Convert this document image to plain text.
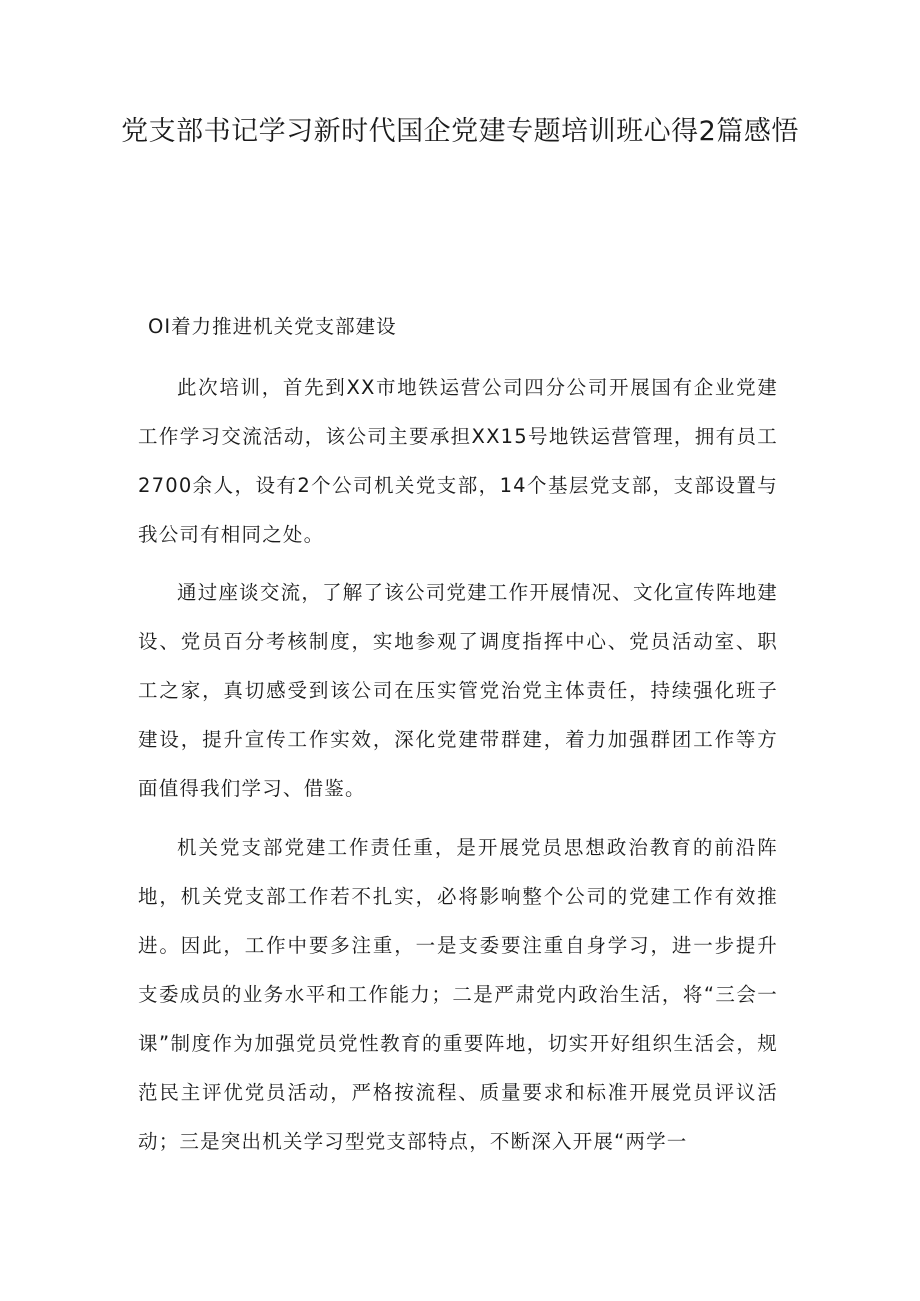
党支部书记学习新时代国企党建专题培训班心得2篇感悟

OI着力推进机关党支部建设

此次培训，首先到XX市地铁运营公司四分公司开展国有企业党建工作学习交流活动，该公司主要承担XX15号地铁运营管理，拥有员工2700余人，设有2个公司机关党支部，14个基层党支部，支部设置与我公司有相同之处。

通过座谈交流，了解了该公司党建工作开展情况、文化宣传阵地建设、党员百分考核制度，实地参观了调度指挥中心、党员活动室、职工之家，真切感受到该公司在压实管党治党主体责任，持续强化班子建设，提升宣传工作实效，深化党建带群建，着力加强群团工作等方面值得我们学习、借鉴。

机关党支部党建工作责任重，是开展党员思想政治教育的前沿阵地，机关党支部工作若不扎实，必将影响整个公司的党建工作有效推进。因此，工作中要多注重，一是支委要注重自身学习，进一步提升支委成员的业务水平和工作能力；二是严肃党内政治生活，将“三会一课”制度作为加强党员党性教育的重要阵地，切实开好组织生活会，规范民主评优党员活动，严格按流程、质量要求和标准开展党员评议活动；三是突出机关学习型党支部特点，不断深入开展“两学一
